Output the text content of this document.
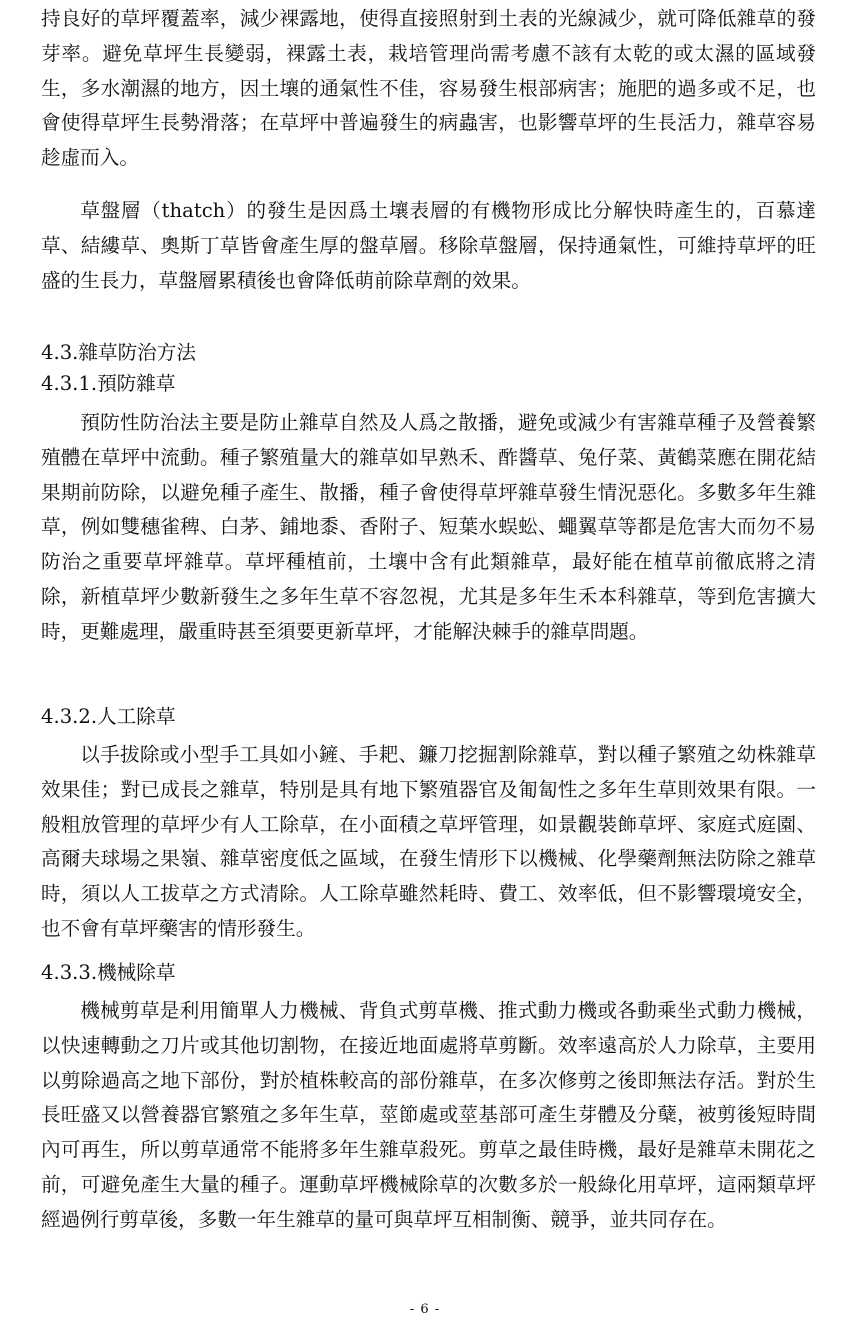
持良好的草坪覆蓋率，減少裸露地，使得直接照射到土表的光線減少，就可降低雜草的發芽率。避免草坪生長變弱，裸露土表，栽培管理尚需考慮不該有太乾的或太濕的區域發生，多水潮濕的地方，因土壤的通氣性不佳，容易發生根部病害；施肥的過多或不足，也會使得草坪生長勢滑落；在草坪中普遍發生的病蟲害，也影響草坪的生長活力，雜草容易趁虛而入。

草盤層（thatch）的發生是因爲土壤表層的有機物形成比分解快時產生的，百慕達草、結縷草、奧斯丁草皆會產生厚的盤草層。移除草盤層，保持通氣性，可維持草坪的旺盛的生長力，草盤層累積後也會降低萌前除草劑的效果。

4.3.雜草防治方法
4.3.1.預防雜草

預防性防治法主要是防止雜草自然及人爲之散播，避免或減少有害雜草種子及營養繁殖體在草坪中流動。種子繁殖量大的雜草如早熟禾、酢醬草、兔仔菜、黃鶴菜應在開花結果期前防除，以避免種子產生、散播，種子會使得草坪雜草發生情況惡化。多數多年生雜草，例如雙穗雀稗、白茅、鋪地黍、香附子、短葉水蜈蚣、蠅翼草等都是危害大而勿不易防治之重要草坪雜草。草坪種植前，土壤中含有此類雜草，最好能在植草前徹底將之清除，新植草坪少數新發生之多年生草不容忽視，尤其是多年生禾本科雜草，等到危害擴大時，更難處理，嚴重時甚至須要更新草坪，才能解決棘手的雜草問題。

4.3.2.人工除草

以手拔除或小型手工具如小鏟、手耙、鐮刀挖掘割除雜草，對以種子繁殖之幼株雜草效果佳；對已成長之雜草，特別是具有地下繁殖器官及匍匐性之多年生草則效果有限。一般粗放管理的草坪少有人工除草，在小面積之草坪管理，如景觀裝飾草坪、家庭式庭園、高爾夫球場之果嶺、雜草密度低之區域，在發生情形下以機械、化學藥劑無法防除之雜草時，須以人工拔草之方式清除。人工除草雖然耗時、費工、效率低，但不影響環境安全，也不會有草坪藥害的情形發生。

4.3.3.機械除草

機械剪草是利用簡單人力機械、背負式剪草機、推式動力機或各動乘坐式動力機械，以快速轉動之刀片或其他切割物，在接近地面處將草剪斷。效率遠高於人力除草，主要用以剪除過高之地下部份，對於植株較高的部份雜草，在多次修剪之後即無法存活。對於生長旺盛又以營養器官繁殖之多年生草，莖節處或莖基部可產生芽體及分蘖，被剪後短時間內可再生，所以剪草通常不能將多年生雜草殺死。剪草之最佳時機，最好是雜草未開花之前，可避免產生大量的種子。運動草坪機械除草的次數多於一般綠化用草坪，這兩類草坪經過例行剪草後，多數一年生雜草的量可與草坪互相制衡、競爭，並共同存在。

- 6 -
